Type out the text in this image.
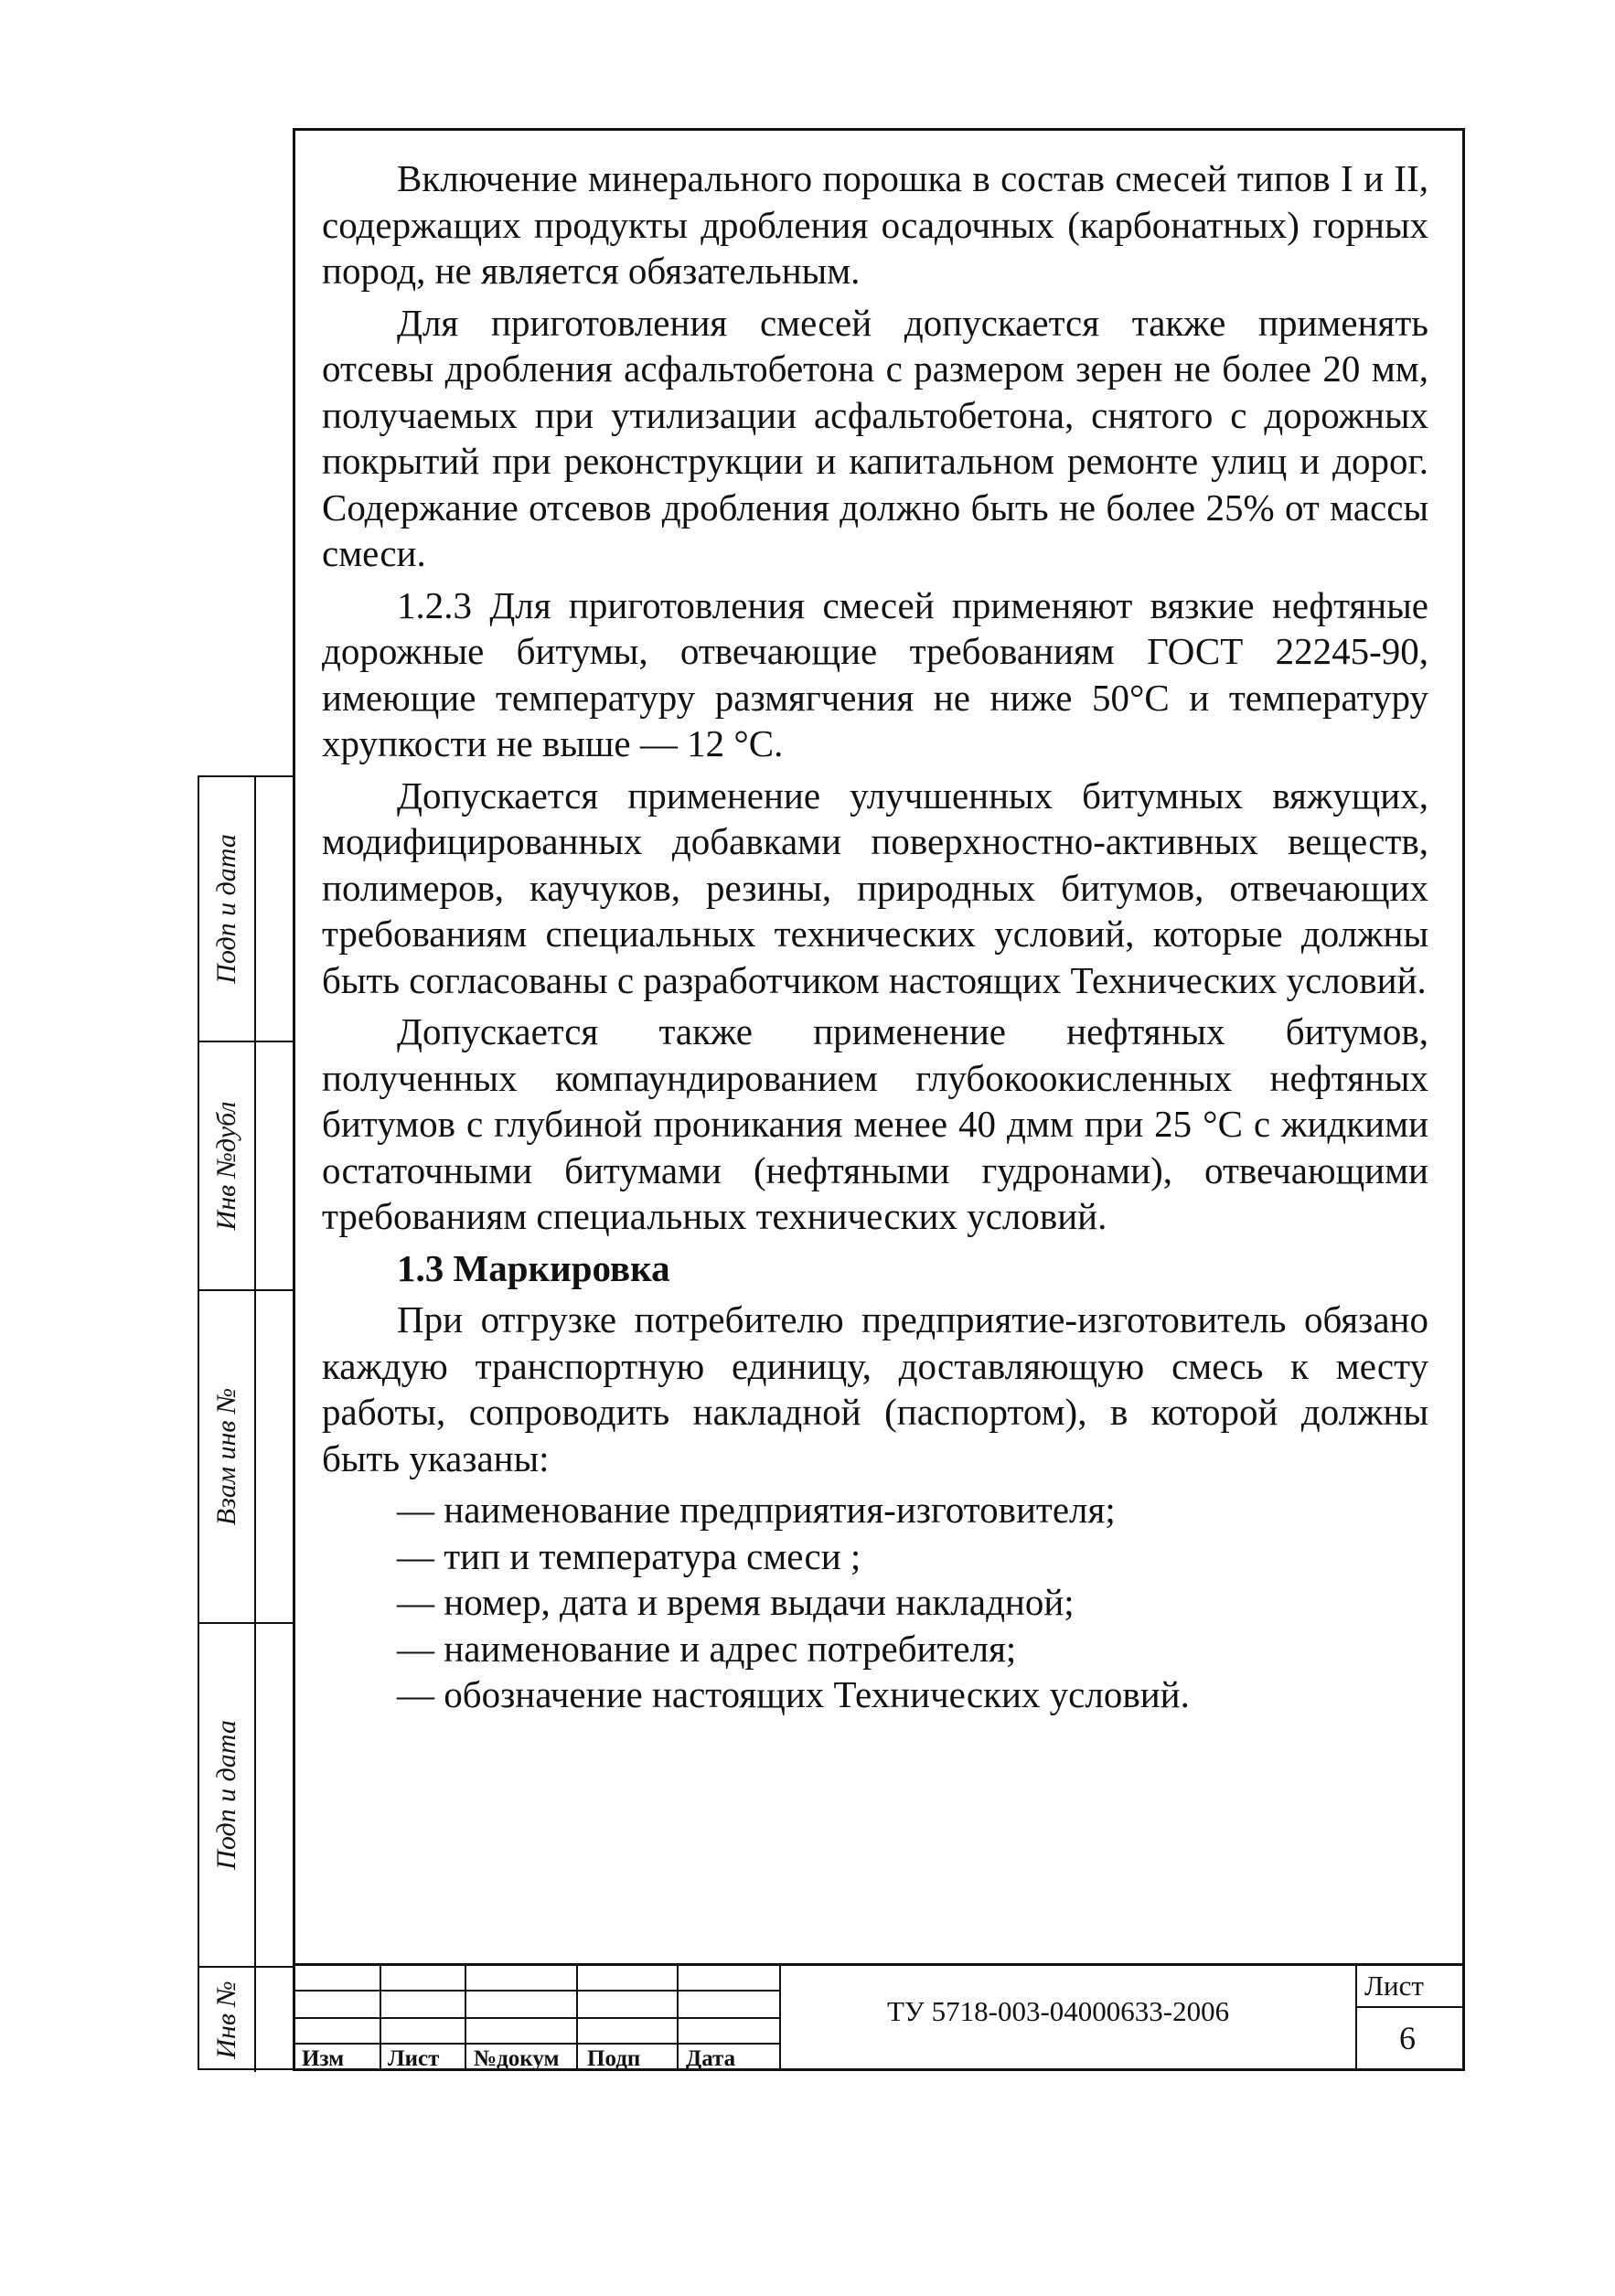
Включение минерального порошка в состав смесей типов I и II, содержащих продукты дробления осадочных (карбонатных) горных пород, не является обязательным.

Для приготовления смесей допускается также применять отсевы дробления асфальтобетона с размером зерен не более 20 мм, получаемых при утилизации асфальтобетона, снятого с дорожных покрытий при реконструкции и капитальном ремонте улиц и дорог. Содержание отсевов дробления должно быть не более 25% от массы смеси.

1.2.3 Для приготовления смесей применяют вязкие нефтяные дорожные битумы, отвечающие требованиям ГОСТ 22245-90, имеющие температуру размягчения не ниже 50°С и температуру хрупкости не выше — 12 °С.

Допускается применение улучшенных битумных вяжущих, модифицированных добавками поверхностно-активных веществ, полимеров, каучуков, резины, природных битумов, отвечающих требованиям специальных технических условий, которые должны быть согласованы с разработчиком настоящих Технических условий.

Допускается также применение нефтяных битумов, полученных компаундированием глубокоокисленных нефтяных битумов с глубиной проникания менее 40 дмм при 25 °С с жидкими остаточными битумами (нефтяными гудронами), отвечающими требованиям специальных технических условий.

1.3 Маркировка

При отгрузке потребителю предприятие-изготовитель обязано каждую транспортную единицу, доставляющую смесь к месту работы, сопроводить накладной (паспортом), в которой должны быть указаны:

— наименование предприятия-изготовителя;
— тип и температура смеси ;
— номер, дата и время выдачи накладной;
— наименование и адрес потребителя;
— обозначение настоящих Технических условий.
Подп и дата
Инв №дубл
Взам инв №
Подп и дата
Инв №	Изм Лист №докум Подп Дата
ТУ 5718-003-04000633-2006
Лист
6
